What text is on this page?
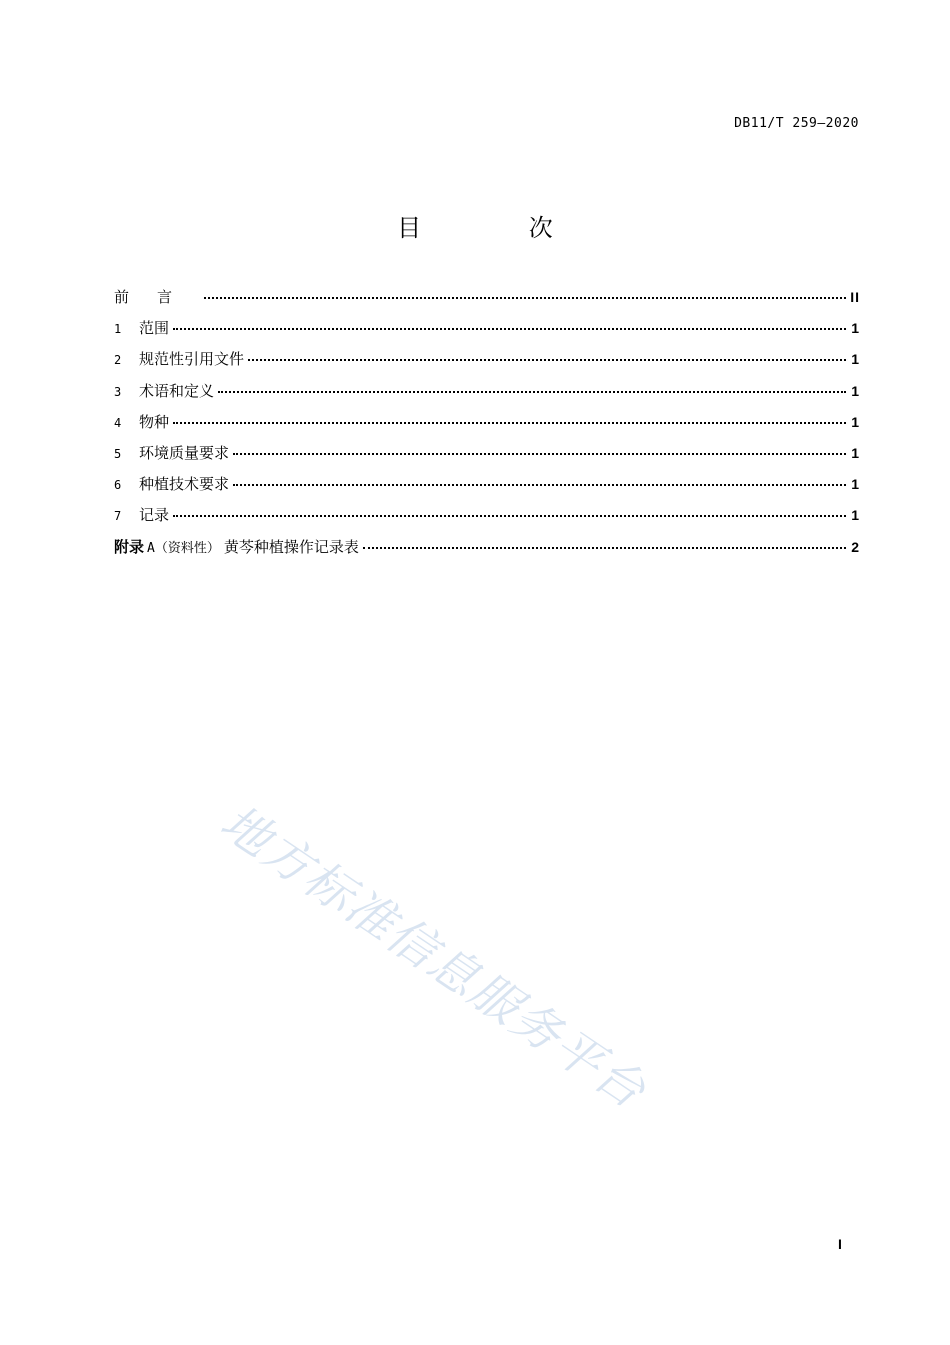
DB11/T 259—2020
目 次
前言	II
1	范围	1
2	规范性引用文件	1
3	术语和定义	1
4	物种	1
5	环境质量要求	1
6	种植技术要求	1
7	记录	1
附录 A（资料性） 黄芩种植操作记录表	2
地方标准信息服务平台
I
